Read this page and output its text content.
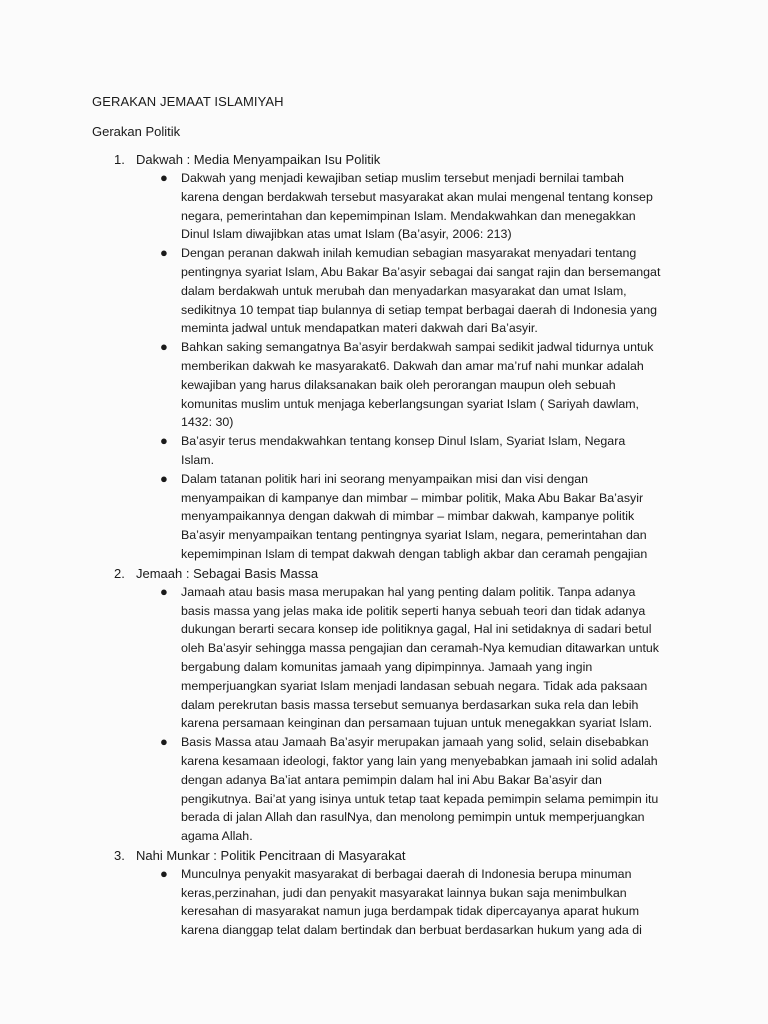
GERAKAN JEMAAT ISLAMIYAH
Gerakan Politik
1. Dakwah : Media Menyampaikan Isu Politik
● Dakwah yang menjadi kewajiban setiap muslim tersebut menjadi bernilai tambah karena dengan berdakwah tersebut masyarakat akan mulai mengenal tentang konsep negara, pemerintahan dan kepemimpinan Islam. Mendakwahkan dan menegakkan Dinul Islam diwajibkan atas umat Islam (Ba’asyir, 2006: 213)
● Dengan peranan dakwah inilah kemudian sebagian masyarakat menyadari tentang pentingnya syariat Islam, Abu Bakar Ba’asyir sebagai dai sangat rajin dan bersemangat dalam berdakwah untuk merubah dan menyadarkan masyarakat dan umat Islam, sedikitnya 10 tempat tiap bulannya di setiap tempat berbagai daerah di Indonesia yang meminta jadwal untuk mendapatkan materi dakwah dari Ba’asyir.
● Bahkan saking semangatnya Ba’asyir berdakwah sampai sedikit jadwal tidurnya untuk memberikan dakwah ke masyarakat6. Dakwah dan amar ma’ruf nahi munkar adalah kewajiban yang harus dilaksanakan baik oleh perorangan maupun oleh sebuah komunitas muslim untuk menjaga keberlangsungan syariat Islam ( Sariyah dawlam, 1432: 30)
● Ba’asyir terus mendakwahkan tentang konsep Dinul Islam, Syariat Islam, Negara Islam.
● Dalam tatanan politik hari ini seorang menyampaikan misi dan visi dengan menyampaikan di kampanye dan mimbar – mimbar politik, Maka Abu Bakar Ba’asyir menyampaikannya dengan dakwah di mimbar – mimbar dakwah, kampanye politik Ba’asyir menyampaikan tentang pentingnya syariat Islam, negara, pemerintahan dan kepemimpinan Islam di tempat dakwah dengan tabligh akbar dan ceramah pengajian
2. Jemaah : Sebagai Basis Massa
● Jamaah atau basis masa merupakan hal yang penting dalam politik. Tanpa adanya basis massa yang jelas maka ide politik seperti hanya sebuah teori dan tidak adanya dukungan berarti secara konsep ide politiknya gagal, Hal ini setidaknya di sadari betul oleh Ba’asyir sehingga massa pengajian dan ceramah-Nya kemudian ditawarkan untuk bergabung dalam komunitas jamaah yang dipimpinnya. Jamaah yang ingin memperjuangkan syariat Islam menjadi landasan sebuah negara. Tidak ada paksaan dalam perekrutan basis massa tersebut semuanya berdasarkan suka rela dan lebih karena persamaan keinginan dan persamaan tujuan untuk menegakkan syariat Islam.
● Basis Massa atau Jamaah Ba’asyir merupakan jamaah yang solid, selain disebabkan karena kesamaan ideologi, faktor yang lain yang menyebabkan jamaah ini solid adalah dengan adanya Ba’iat antara pemimpin dalam hal ini Abu Bakar Ba’asyir dan pengikutnya. Bai’at yang isinya untuk tetap taat kepada pemimpin selama pemimpin itu berada di jalan Allah dan rasulNya, dan menolong pemimpin untuk memperjuangkan agama Allah.
3. Nahi Munkar : Politik Pencitraan di Masyarakat
● Munculnya penyakit masyarakat di berbagai daerah di Indonesia berupa minuman keras,perzinahan, judi dan penyakit masyarakat lainnya bukan saja menimbulkan keresahan di masyarakat namun juga berdampak tidak dipercayanya aparat hukum karena dianggap telat dalam bertindak dan berbuat berdasarkan hukum yang ada di
